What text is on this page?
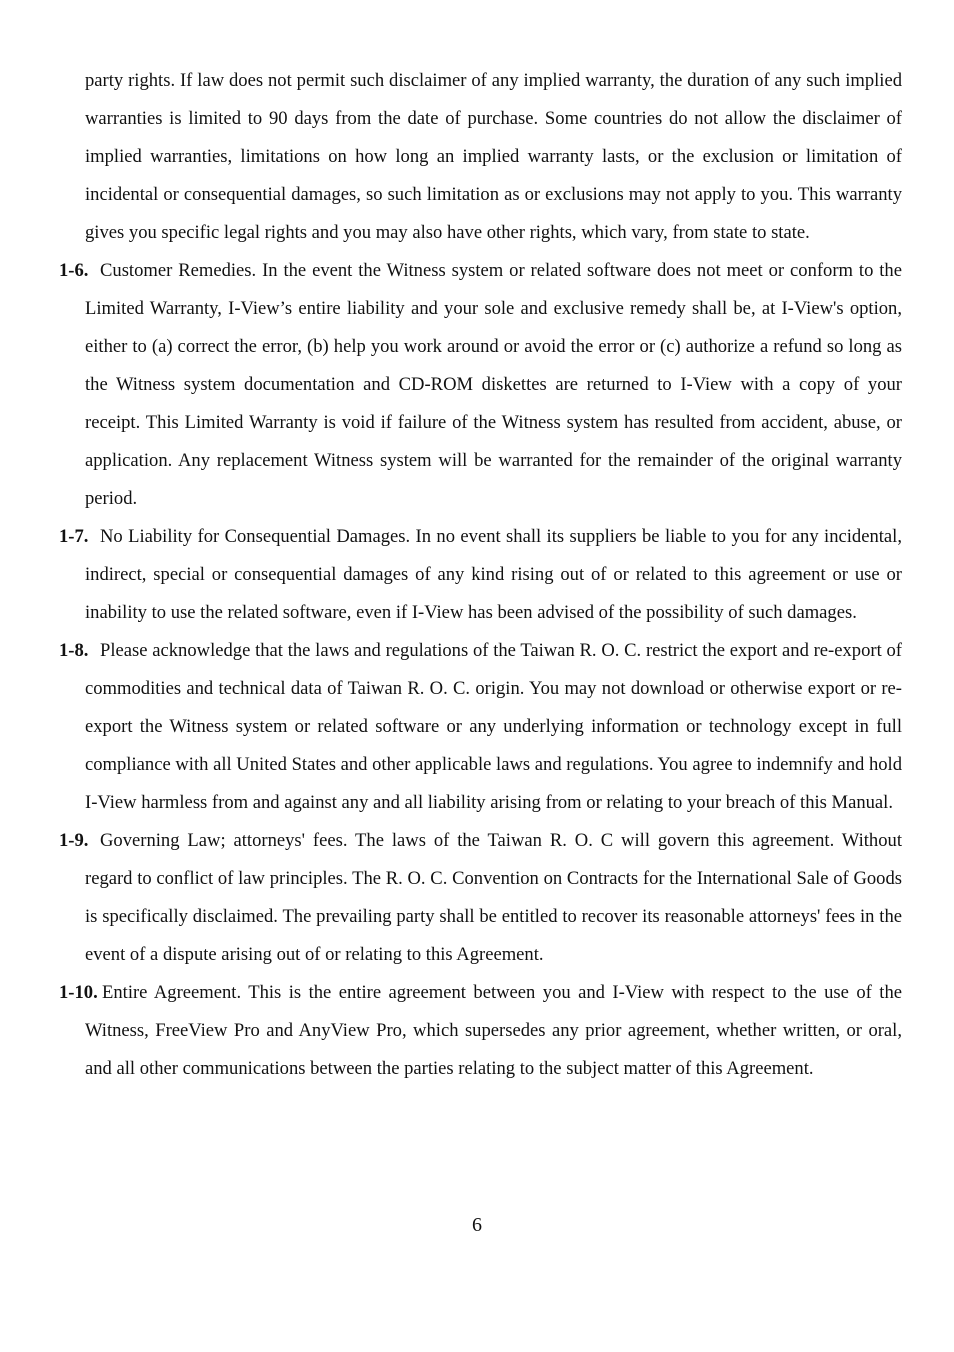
party rights. If law does not permit such disclaimer of any implied warranty, the duration of any such implied warranties is limited to 90 days from the date of purchase. Some countries do not allow the disclaimer of implied warranties, limitations on how long an implied warranty lasts, or the exclusion or limitation of incidental or consequential damages, so such limitation as or exclusions may not apply to you. This warranty gives you specific legal rights and you may also have other rights, which vary, from state to state.

1-6. Customer Remedies. In the event the Witness system or related software does not meet or conform to the Limited Warranty, I-View’s entire liability and your sole and exclusive remedy shall be, at I-View's option, either to (a) correct the error, (b) help you work around or avoid the error or (c) authorize a refund so long as the Witness system documentation and CD-ROM diskettes are returned to I-View with a copy of your receipt. This Limited Warranty is void if failure of the Witness system has resulted from accident, abuse, or application. Any replacement Witness system will be warranted for the remainder of the original warranty period.
1-7. No Liability for Consequential Damages. In no event shall its suppliers be liable to you for any incidental, indirect, special or consequential damages of any kind rising out of or related to this agreement or use or inability to use the related software, even if I-View has been advised of the possibility of such damages.
1-8. Please acknowledge that the laws and regulations of the Taiwan R. O. C. restrict the export and re-export of commodities and technical data of Taiwan R. O. C. origin. You may not download or otherwise export or re-export the Witness system or related software or any underlying information or technology except in full compliance with all United States and other applicable laws and regulations. You agree to indemnify and hold I-View harmless from and against any and all liability arising from or relating to your breach of this Manual.
1-9. Governing Law; attorneys' fees. The laws of the Taiwan R. O. C will govern this agreement. Without regard to conflict of law principles. The R. O. C. Convention on Contracts for the International Sale of Goods is specifically disclaimed. The prevailing party shall be entitled to recover its reasonable attorneys' fees in the event of a dispute arising out of or relating to this Agreement.
1-10. Entire Agreement. This is the entire agreement between you and I-View with respect to the use of the Witness, FreeView Pro and AnyView Pro, which supersedes any prior agreement, whether written, or oral, and all other communications between the parties relating to the subject matter of this Agreement.
6
